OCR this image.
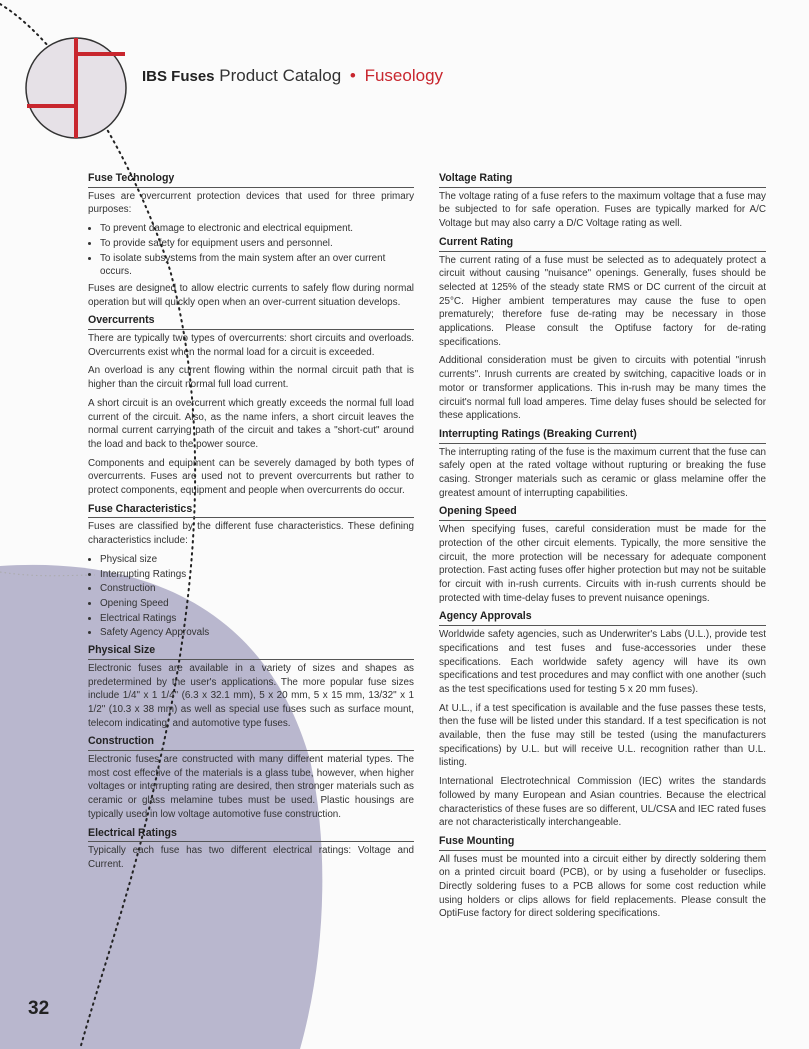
IBS Fuses Product Catalog • Fuseology
Fuse Technology

Fuses are overcurrent protection devices that used for three primary purposes:

• To prevent damage to electronic and electrical equipment.
• To provide safety for equipment users and personnel.
• To isolate subsystems from the main system after an over current occurs.

Fuses are designed to allow electric currents to safely flow during normal operation but will quickly open when an over-current situation develops.

Overcurrents

There are typically two types of overcurrents: short circuits and overloads. Overcurrents exist when the normal load for a circuit is exceeded.

An overload is any current flowing within the normal circuit path that is higher than the circuit normal full load current.

A short circuit is an overcurrent which greatly exceeds the normal full load current of the circuit. Also, as the name infers, a short circuit leaves the normal current carrying path of the circuit and takes a "short-cut" around the load and back to the power source.

Components and equipment can be severely damaged by both types of overcurrents. Fuses are used not to prevent overcurrents but rather to protect components, equipment and people when overcurrents do occur.

Fuse Characteristics

Fuses are classified by the different fuse characteristics. These defining characteristics include:

• Physical size
• Interrupting Ratings
• Construction
• Opening Speed
• Electrical Ratings
• Safety Agency Approvals
Physical Size

Electronic fuses are available in a variety of sizes and shapes as predetermined by the user's applications. The more popular fuse sizes include 1/4" x 1 1/4" (6.3 x 32.1 mm), 5 x 20 mm, 5 x 15 mm, 13/32" x 1 1/2" (10.3 x 38 mm) as well as special use fuses such as surface mount, telecom indicating, and automotive type fuses.

Construction

Electronic fuses are constructed with many different material types. The most cost effective of the materials is a glass tube, however, when higher voltages or interrupting rating are desired, then stronger materials such as ceramic or glass melamine tubes must be used. Plastic housings are typically used in low voltage automotive fuse construction.

Electrical Ratings

Typically each fuse has two different electrical ratings: Voltage and Current.

Voltage Rating

The voltage rating of a fuse refers to the maximum voltage that a fuse may be subjected to for safe operation. Fuses are typically marked for A/C Voltage but may also carry a D/C Voltage rating as well.

Current Rating

The current rating of a fuse must be selected as to adequately protect a circuit without causing "nuisance" openings. Generally, fuses should be selected at 125% of the steady state RMS or DC current of the circuit at 25°C. Higher ambient temperatures may cause the fuse to open prematurely; therefore fuse de-rating may be necessary in those applications. Please consult the Optifuse factory for de-rating specifications.

Additional consideration must be given to circuits with potential "inrush currents". Inrush currents are created by switching, capacitive loads or in motor or transformer applications. This in-rush may be many times the circuit's normal full load amperes. Time delay fuses should be selected for these applications.

Interrupting Ratings (Breaking Current)

The interrupting rating of the fuse is the maximum current that the fuse can safely open at the rated voltage without rupturing or breaking the fuse casing. Stronger materials such as ceramic or glass melamine offer the greatest amount of interrupting capabilities.

Opening Speed

When specifying fuses, careful consideration must be made for the protection of the other circuit elements. Typically, the more sensitive the circuit, the more protection will be necessary for adequate component protection. Fast acting fuses offer higher protection but may not be suitable for circuit with in-rush currents. Circuits with in-rush currents should be protected with time-delay fuses to prevent nuisance openings.

Agency Approvals

Worldwide safety agencies, such as Underwriter's Labs (U.L.), provide test specifications and test fuses and fuse-accessories under these specifications. Each worldwide safety agency will have its own specifications and test procedures and may conflict with one another (such as the test specifications used for testing 5 x 20 mm fuses).

At U.L., if a test specification is available and the fuse passes these tests, then the fuse will be listed under this standard. If a test specification is not available, then the fuse may still be tested (using the manufacturers specifications) by U.L. but will receive U.L. recognition rather than U.L. listing.

International Electrotechnical Commission (IEC) writes the standards followed by many European and Asian countries. Because the electrical characteristics of these fuses are so different, UL/CSA and IEC rated fuses are not characteristically interchangeable.

Fuse Mounting

All fuses must be mounted into a circuit either by directly soldering them on a printed circuit board (PCB), or by using a fuseholder or fuseclips. Directly soldering fuses to a PCB allows for some cost reduction while using holders or clips allows for field replacements. Please consult the OptiFuse factory for direct soldering specifications.

32
